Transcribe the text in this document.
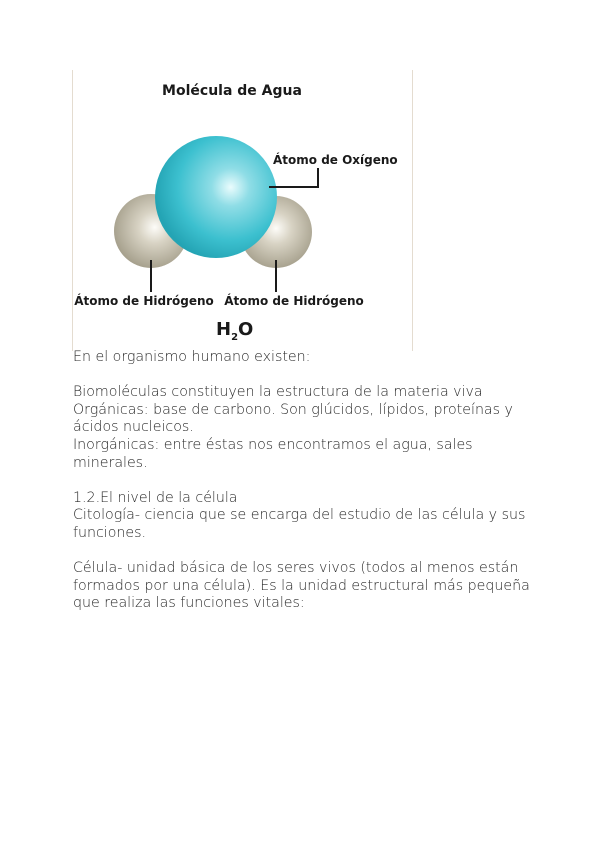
Molécula de Agua
Átomo de Oxígeno
Átomo de Hidrógeno Átomo de Hidrógeno
$H_2O$

En el organismo humano existen:

Biomoléculas constituyen la estructura de la materia viva

Orgánicas: base de carbono. Son glúcidos, lípidos, proteínas y ácidos nucleicos.

Inorgánicas: entre éstas nos encontramos el agua, sales minerales.

1.2.El nivel de la célula

Citología- ciencia que se encarga del estudio de las célula y sus funciones.

Célula- unidad básica de los seres vivos (todos al menos están formados por una célula). Es la unidad estructural más pequeña que realiza las funciones vitales:
